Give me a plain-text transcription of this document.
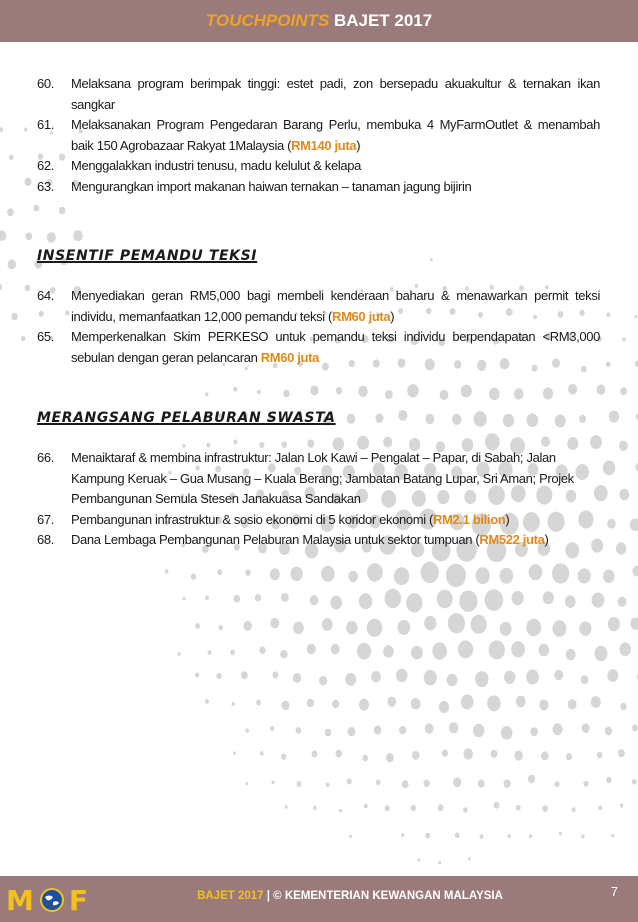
TOUCHPOINTS BAJET 2017
60.	Melaksana program berimpak tinggi: estet padi, zon bersepadu akuakultur & ternakan ikan sangkar
61.	Melaksanakan Program Pengedaran Barang Perlu, membuka 4 MyFarmOutlet & menambah baik 150 Agrobazaar Rakyat 1Malaysia (RM140 juta)
62.	Menggalakkan industri tenusu, madu kelulut & kelapa
63.	Mengurangkan import makanan haiwan ternakan – tanaman jagung bijirin
INSENTIF PEMANDU TEKSI
64.	Menyediakan geran RM5,000 bagi membeli kenderaan baharu & menawarkan permit teksi individu, memanfaatkan 12,000 pemandu teksi (RM60 juta)
65.	Memperkenalkan Skim PERKESO untuk pemandu teksi individu berpendapatan <RM3,000 sebulan dengan geran pelancaran RM60 juta
MERANGSANG PELABURAN SWASTA
66.	Menaiktaraf & membina infrastruktur: Jalan Lok Kawi – Pengalat – Papar, di Sabah; Jalan Kampung Keruak – Gua Musang – Kuala Berang; Jambatan Batang Lupar, Sri Aman; Projek Pembangunan Semula Stesen Janakuasa Sandakan
67.	Pembangunan infrastruktur & sosio ekonomi di 5 koridor ekonomi (RM2.1 bilion)
68.	Dana Lembaga Pembangunan Pelaburan Malaysia untuk sektor tumpuan (RM522 juta)
M F	BAJET 2017 | © KEMENTERIAN KEWANGAN MALAYSIA	7
